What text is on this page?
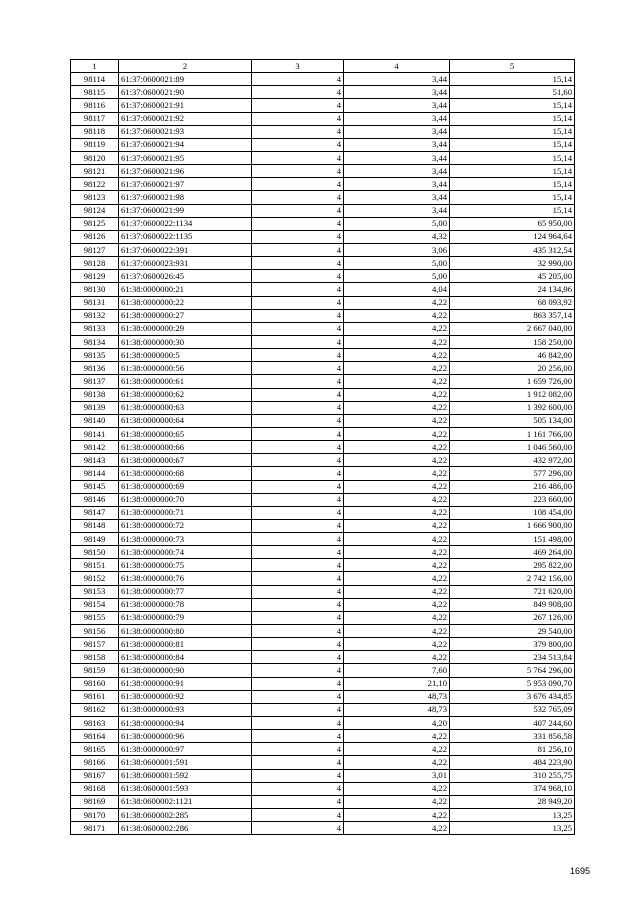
1	2	3	4	5
98114	61:37:0600021:89	4	3,44	15,14
98115	61:37:0600021:90	4	3,44	51,60
98116	61:37:0600021:91	4	3,44	15,14
98117	61:37:0600021:92	4	3,44	15,14
98118	61:37:0600021:93	4	3,44	15,14
98119	61:37:0600021:94	4	3,44	15,14
98120	61:37:0600021:95	4	3,44	15,14
98121	61:37:0600021:96	4	3,44	15,14
98122	61:37:0600021:97	4	3,44	15,14
98123	61:37:0600021:98	4	3,44	15,14
98124	61:37:0600021:99	4	3,44	15,14
98125	61:37:0600022:1134	4	5,00	65 950,00
98126	61:37:0600022:1135	4	4,32	124 964,64
98127	61:37:0600022:391	4	3,06	435 312,54
98128	61:37:0600023:931	4	5,00	32 990,00
98129	61:37:0600026:45	4	5,00	45 205,00
98130	61:38:0000000:21	4	4,04	24 134,96
98131	61:38:0000000:22	4	4,22	68 093,92
98132	61:38:0000000:27	4	4,22	863 357,14
98133	61:38:0000000:29	4	4,22	2 667 040,00
98134	61:38:0000000:30	4	4,22	158 250,00
98135	61:38:0000000:5	4	4,22	46 842,00
98136	61:38:0000000:56	4	4,22	20 256,00
98137	61:38:0000000:61	4	4,22	1 659 726,00
98138	61:38:0000000:62	4	4,22	1 912 082,00
98139	61:38:0000000:63	4	4,22	1 392 600,00
98140	61:38:0000000:64	4	4,22	505 134,00
98141	61:38:0000000:65	4	4,22	1 161 766,00
98142	61:38:0000000:66	4	4,22	1 046 560,00
98143	61:38:0000000:67	4	4,22	432 972,00
98144	61:38:0000000:68	4	4,22	577 296,00
98145	61:38:0000000:69	4	4,22	216 486,00
98146	61:38:0000000:70	4	4,22	223 660,00
98147	61:38:0000000:71	4	4,22	108 454,00
98148	61:38:0000000:72	4	4,22	1 666 900,00
98149	61:38:0000000:73	4	4,22	151 498,00
98150	61:38:0000000:74	4	4,22	469 264,00
98151	61:38:0000000:75	4	4,22	295 822,00
98152	61:38:0000000:76	4	4,22	2 742 156,00
98153	61:38:0000000:77	4	4,22	721 620,00
98154	61:38:0000000:78	4	4,22	849 908,00
98155	61:38:0000000:79	4	4,22	267 126,00
98156	61:38:0000000:80	4	4,22	29 540,00
98157	61:38:0000000:81	4	4,22	379 800,00
98158	61:38:0000000:84	4	4,22	234 513,84
98159	61:38:0000000:90	4	7,60	5 764 296,00
98160	61:38:0000000:91	4	21,10	5 953 090,70
98161	61:38:0000000:92	4	48,73	3 676 434,85
98162	61:38:0000000:93	4	48,73	532 765,09
98163	61:38:0000000:94	4	4,20	407 244,60
98164	61:38:0000000:96	4	4,22	331 856,58
98165	61:38:0000000:97	4	4,22	81 256,10
98166	61:38:0600001:591	4	4,22	484 223,90
98167	61:38:0600001:592	4	3,01	310 255,75
98168	61:38:0600001:593	4	4,22	374 968,10
98169	61:38:0600002:1121	4	4,22	28 949,20
98170	61:38:0600002:285	4	4,22	13,25
98171	61:38:0600002:286	4	4,22	13,25
1695
